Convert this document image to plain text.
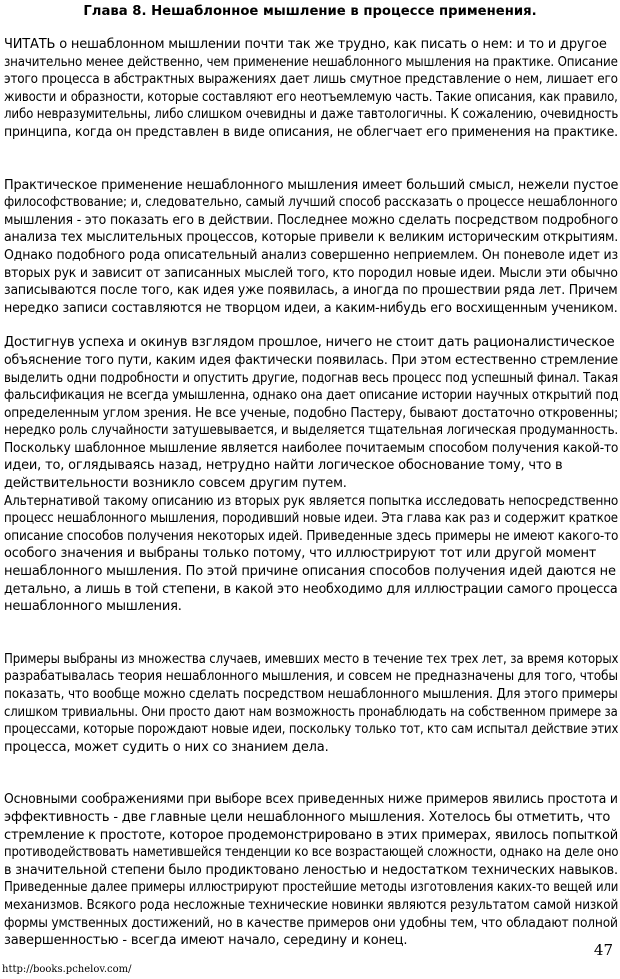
Глава 8. Нешаблонное мышление в процессе применения.

ЧИТАТЬ о нешаблонном мышлении почти так же трудно, как писать о нем: и то и другое
значительно менее действенно, чем применение нешаблонного мышления на практике. Описание
этого процесса в абстрактных выражениях дает лишь смутное представление о нем, лишает его
живости и образности, которые составляют его неотъемлемую часть. Такие описания, как правило,
либо невразумительны, либо слишком очевидны и даже тавтологичны. К сожалению, очевидность
принципа, когда он представлен в виде описания, не облегчает его применения на практике.

Практическое применение нешаблонного мышления имеет больший смысл, нежели пустое
философствование; и, следовательно, самый лучший способ рассказать о процессе нешаблонного
мышления - это показать его в действии. Последнее можно сделать посредством подробного
анализа тех мыслительных процессов, которые привели к великим историческим открытиям.
Однако подобного рода описательный анализ совершенно неприемлем. Он поневоле идет из
вторых рук и зависит от записанных мыслей того, кто породил новые идеи. Мысли эти обычно
записываются после того, как идея уже появилась, а иногда по прошествии ряда лет. Причем
нередко записи составляются не творцом идеи, а каким-нибудь его восхищенным учеником.

Достигнув успеха и окинув взглядом прошлое, ничего не стоит дать рационалистическое
объяснение того пути, каким идея фактически появилась. При этом естественно стремление
выделить одни подробности и опустить другие, подогнав весь процесс под успешный финал. Такая
фальсификация не всегда умышленна, однако она дает описание истории научных открытий под
определенным углом зрения. Не все ученые, подобно Пастеру, бывают достаточно откровенны;
нередко роль случайности затушевывается, и выделяется тщательная логическая продуманность.
Поскольку шаблонное мышление является наиболее почитаемым способом получения какой-то
идеи, то, оглядываясь назад, нетрудно найти логическое обоснование тому, что в
действительности возникло совсем другим путем.
Альтернативой такому описанию из вторых рук является попытка исследовать непосредственно
процесс нешаблонного мышления, породивший новые идеи. Эта глава как раз и содержит краткое
описание способов получения некоторых идей. Приведенные здесь примеры не имеют какого-то
особого значения и выбраны только потому, что иллюстрируют тот или другой момент
нешаблонного мышления. По этой причине описания способов получения идей даются не
детально, а лишь в той степени, в какой это необходимо для иллюстрации самого процесса
нешаблонного мышления.

Примеры выбраны из множества случаев, имевших место в течение тех трех лет, за время которых
разрабатывалась теория нешаблонного мышления, и совсем не предназначены для того, чтобы
показать, что вообще можно сделать посредством нешаблонного мышления. Для этого примеры
слишком тривиальны. Они просто дают нам возможность пронаблюдать на собственном примере за
процессами, которые порождают новые идеи, поскольку только тот, кто сам испытал действие этих
процесса, может судить о них со знанием дела.

Основными соображениями при выборе всех приведенных ниже примеров явились простота и
эффективность - две главные цели нешаблонного мышления. Хотелось бы отметить, что
стремление к простоте, которое продемонстрировано в этих примерах, явилось попыткой
противодействовать наметившейся тенденции ко все возрастающей сложности, однако на деле оно
в значительной степени было продиктовано леностью и недостатком технических навыков.
Приведенные далее примеры иллюстрируют простейшие методы изготовления каких-то вещей или
механизмов. Всякого рода несложные технические новинки являются результатом самой низкой
формы умственных достижений, но в качестве примеров они удобны тем, что обладают полной
завершенностью - всегда имеют начало, середину и конец.

47
http://books.pchelov.com/
